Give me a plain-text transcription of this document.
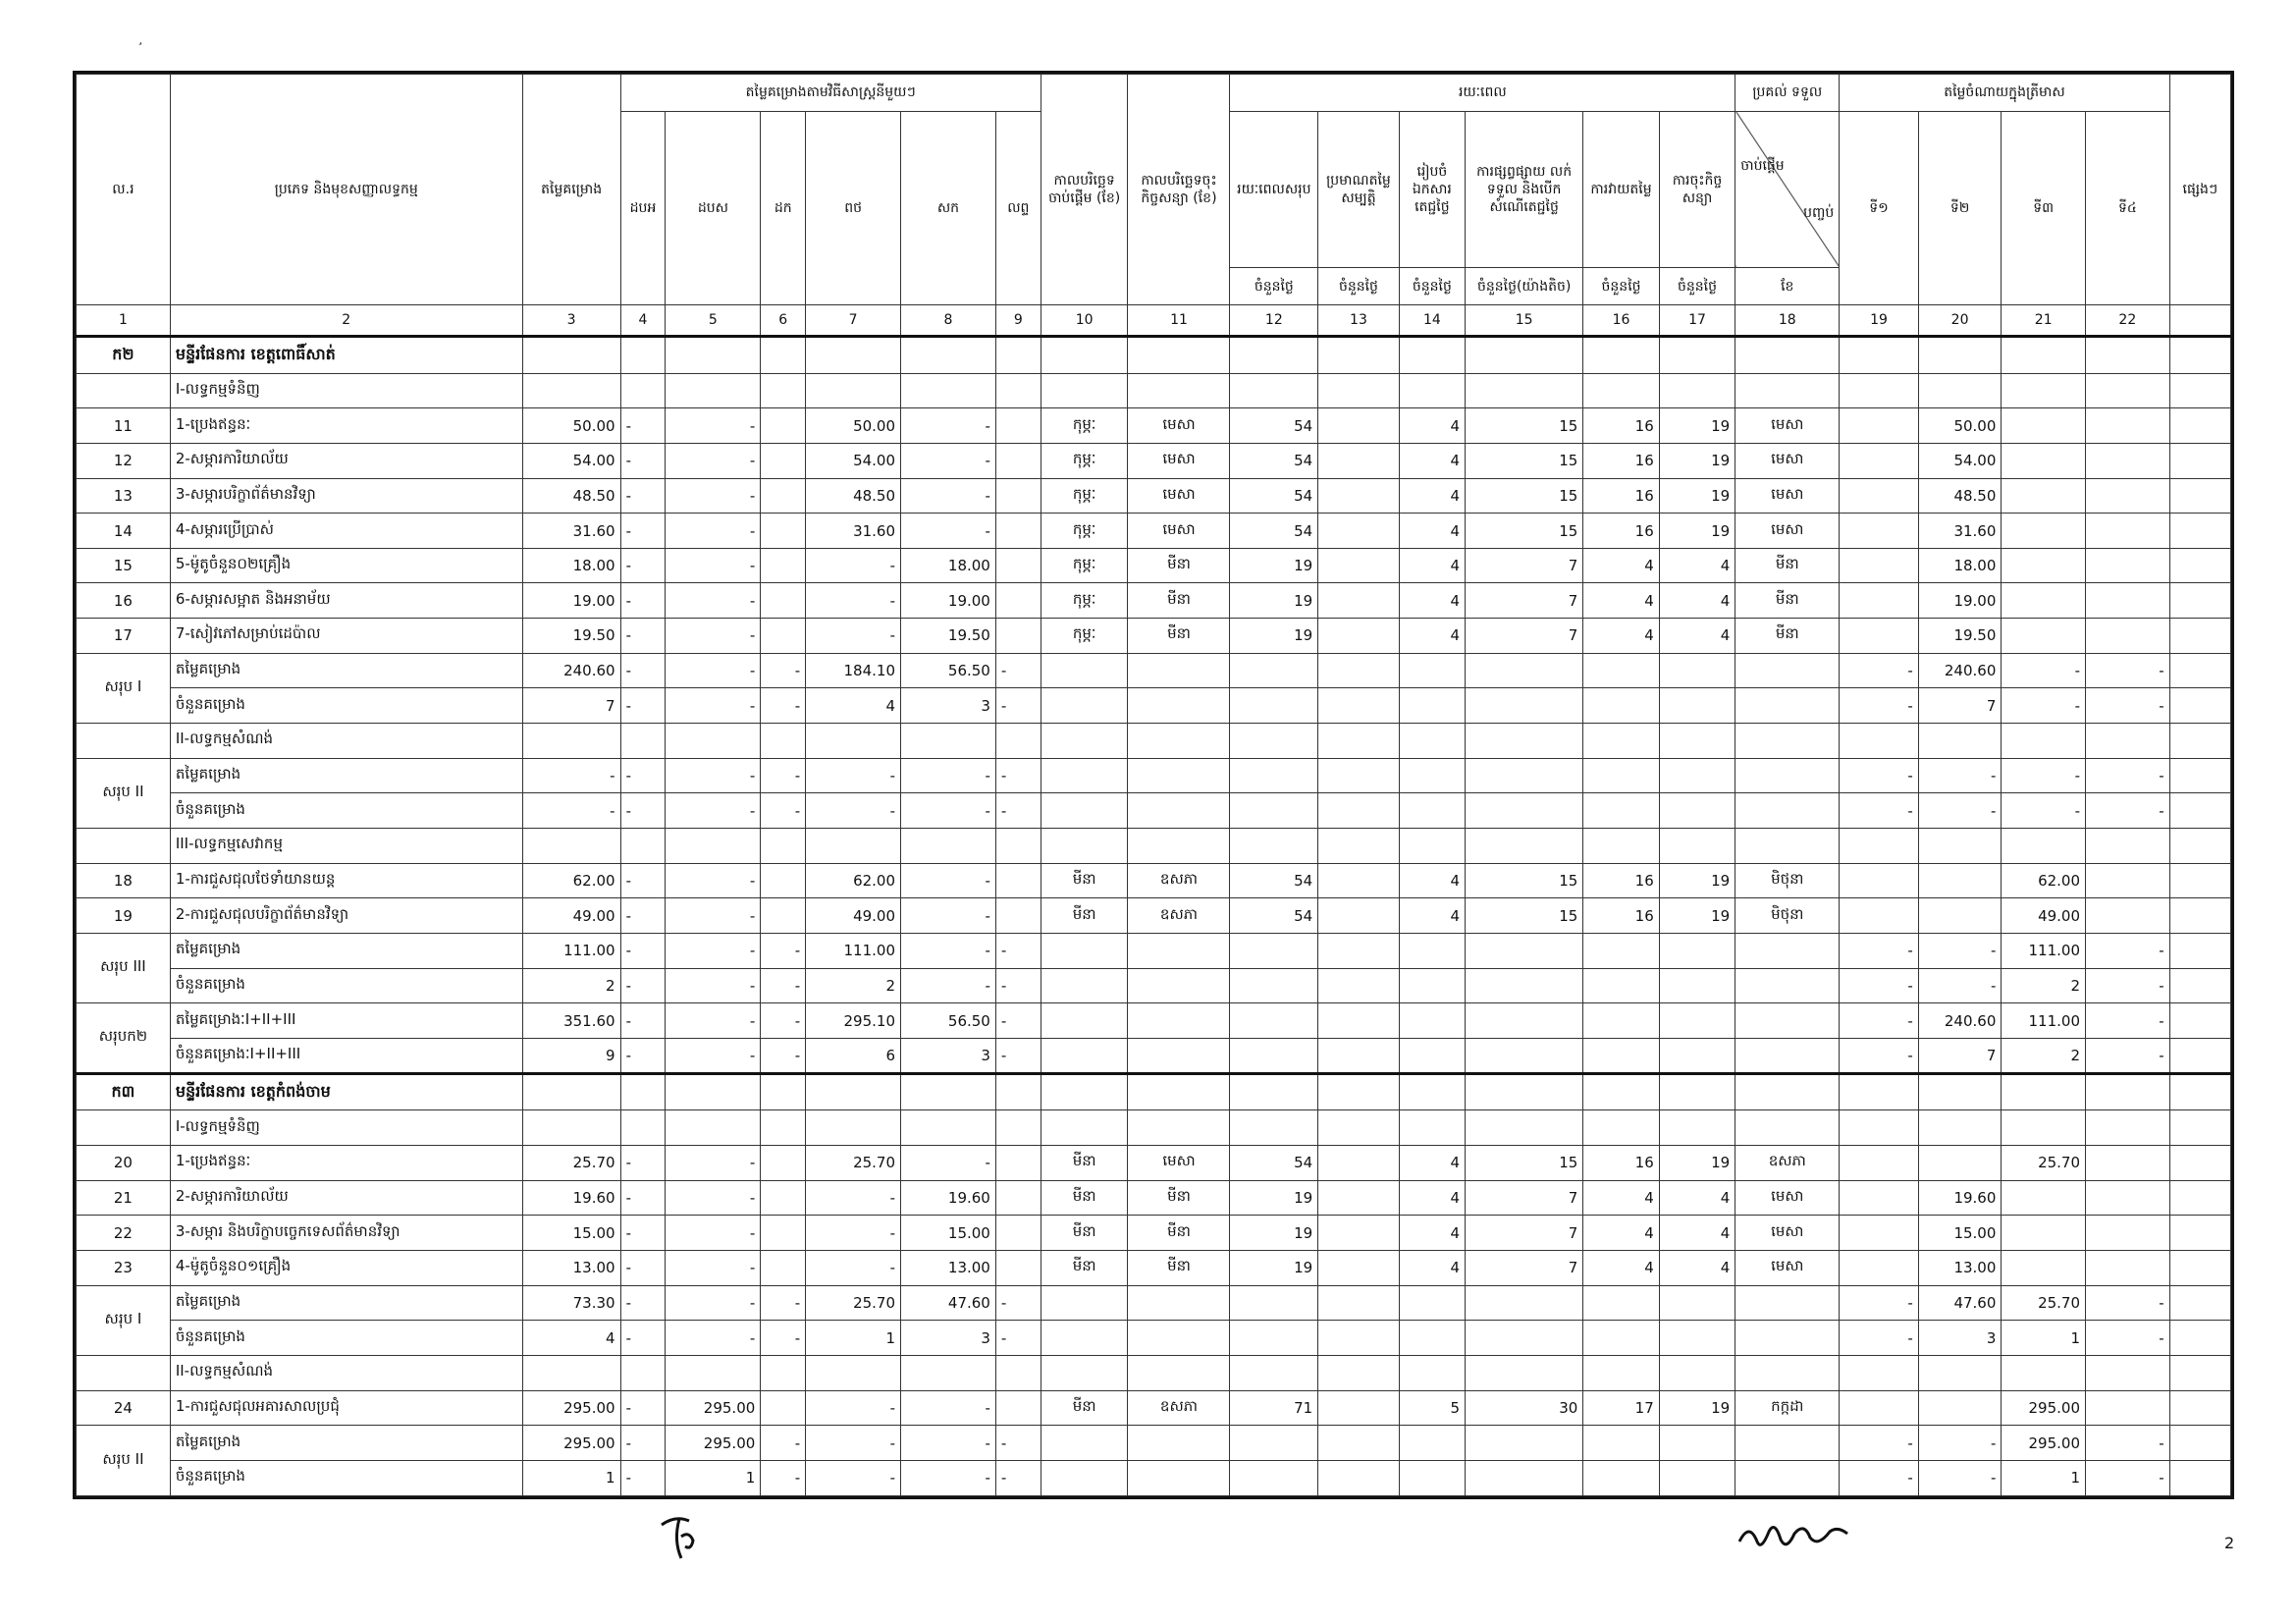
¸
ល.រ	ប្រភេទ និងមុខសញ្ញាលទ្ធកម្ម	តម្លៃគម្រោង	តម្លៃគម្រោងតាមវិធីសាស្រ្តនីមួយៗ						កាលបរិច្ឆេទចាប់ផ្តើម (ខែ)	កាលបរិច្ឆេទចុះកិច្ចសន្យា (ខែ)	រយៈពេល						ប្រគល់ ទទួល	តម្លៃចំណាយក្នុងត្រីមាស				ផ្សេងៗ
			ដបអ	ដបស	ដក	ពថ	សក	លព្ទ			រយៈពេលសរុប	ប្រមាណតម្លៃសម្បត្តិ	រៀបចំឯកសារ តេជ្ជ​ថ្លៃ	ការផ្សព្វផ្សាយ លក់ ទទួល និងបើកសំណើតេជ្ជថ្លៃ	ការវាយតម្លៃ	ការចុះកិច្ចសន្យា	ចាប់ផ្តើម
បញ្ចប់	ទី១	ទី២	ទី៣	ទី៤	
											ចំនួនថ្ងៃ	ចំនួនថ្ងៃ	ចំនួនថ្ងៃ	ចំនួនថ្ងៃ(យ៉ាងតិច)	ចំនួនថ្ងៃ	ចំនួនថ្ងៃ	ខែ					
1	2	3	4	5	6	7	8	9	10	11	12	13	14	15	16	17	18	19	20	21	22	
ក២	មន្ទីរផែនការ ខេត្តពោធិ៍សាត់																					
	I-លទ្ធកម្មទំនិញ																					
11	1-ប្រេងឥន្ធនៈ	50.00	-	-		50.00	-		កុម្ភៈ	មេសា	54		4	15	16	19	មេសា		50.00			
12	2-សម្ភារការិយាល័យ	54.00	-	-		54.00	-		កុម្ភៈ	មេសា	54		4	15	16	19	មេសា		54.00			
13	3-សម្ភារបរិក្ខាព័ត៌មានវិទ្យា	48.50	-	-		48.50	-		កុម្ភៈ	មេសា	54		4	15	16	19	មេសា		48.50			
14	4-សម្ភារប្រើប្រាស់	31.60	-	-		31.60	-		កុម្ភៈ	មេសា	54		4	15	16	19	មេសា		31.60			
15	5-ម៉ូតូចំនួន០២គ្រឿង	18.00	-	-		-	18.00		កុម្ភៈ	មីនា	19		4	7	4	4	មីនា		18.00			
16	6-សម្ភារសម្អាត និងអនាម័យ	19.00	-	-		-	19.00		កុម្ភៈ	មីនា	19		4	7	4	4	មីនា		19.00			
17	7-សៀវភៅសម្រាប់ដេប៉ាល	19.50	-	-		-	19.50		កុម្ភៈ	មីនា	19		4	7	4	4	មីនា		19.50			
សរុប I	តម្លៃគម្រោង	240.60	-	-	-	184.10	56.50	-										-	240.60	-	-	
	ចំនួនគម្រោង	7	-	-	-	4	3	-										-	7	-	-	
	II-លទ្ធកម្មសំណង់																					
សរុប II	តម្លៃគម្រោង	-	-	-	-	-	-	-										-	-	-	-	
	ចំនួនគម្រោង	-	-	-	-	-	-	-										-	-	-	-	
	III-លទ្ធកម្មសេវាកម្ម																					
18	1-ការជួសជុលថែទាំយានយន្ត	62.00	-	-		62.00	-		មីនា	ឧសភា	54		4	15	16	19	មិថុនា			62.00		
19	2-ការជួសជុលបរិក្ខាព័ត៌មានវិទ្យា	49.00	-	-		49.00	-		មីនា	ឧសភា	54		4	15	16	19	មិថុនា			49.00		
សរុប III	តម្លៃគម្រោង	111.00	-	-	-	111.00	-	-										-	-	111.00	-	
	ចំនួនគម្រោង	2	-	-	-	2	-	-										-	-	2	-	
សរុបក២	តម្លៃគម្រោងៈI+II+III	351.60	-	-	-	295.10	56.50	-										-	240.60	111.00	-	
	ចំនួនគម្រោងៈI+II+III	9	-	-	-	6	3	-										-	7	2	-	
ក៣	មន្ទីរផែនការ ខេត្តកំពង់ចាម																					
	I-លទ្ធកម្មទំនិញ																					
20	1-ប្រេងឥន្ធនៈ	25.70	-	-		25.70	-		មីនា	មេសា	54		4	15	16	19	ឧសភា			25.70		
21	2-សម្ភារការិយាល័យ	19.60	-	-		-	19.60		មីនា	មីនា	19		4	7	4	4	មេសា		19.60			
22	3-សម្ភារ និងបរិក្ខាបច្ចេកទេសព័ត៌មានវិទ្យា	15.00	-	-		-	15.00		មីនា	មីនា	19		4	7	4	4	មេសា		15.00			
23	4-ម៉ូតូចំនួន០១គ្រឿង	13.00	-	-		-	13.00		មីនា	មីនា	19		4	7	4	4	មេសា		13.00			
សរុប I	តម្លៃគម្រោង	73.30	-	-	-	25.70	47.60	-										-	47.60	25.70	-	
	ចំនួនគម្រោង	4	-	-	-	1	3	-										-	3	1	-	
	II-លទ្ធកម្មសំណង់																					
24	1-ការជួសជុលអគារសាលប្រជុំ	295.00	-	295.00		-	-		មីនា	ឧសភា	71		5	30	17	19	កក្កដា			295.00		
សរុប II	តម្លៃគម្រោង	295.00	-	295.00	-	-	-	-										-	-	295.00	-	
	ចំនួនគម្រោង	1	-	1	-	-	-	-										-	-	1	-	
2
